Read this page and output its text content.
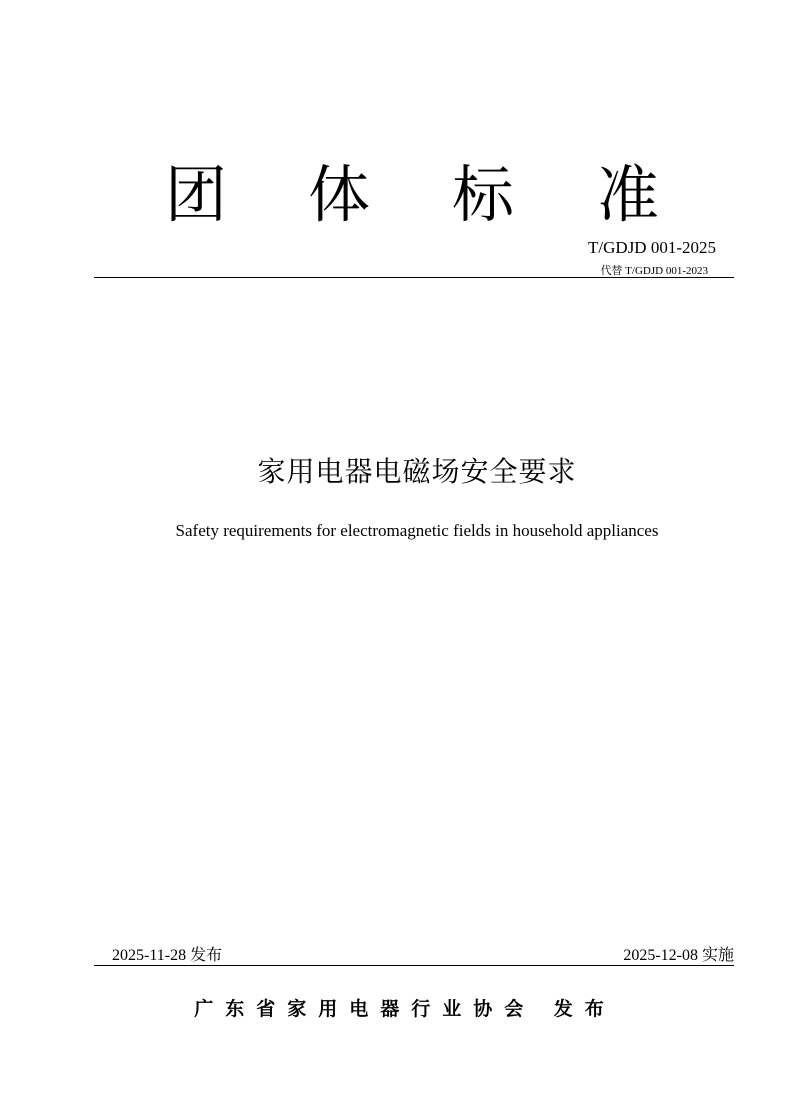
团 体 标 准
T/GDJD 001-2025
代替 T/GDJD 001-2023
家用电器电磁场安全要求
Safety requirements for electromagnetic fields in household appliances
2025-11-28 发布	2025-12-08 实施
广东省家用电器行业协会 发布
